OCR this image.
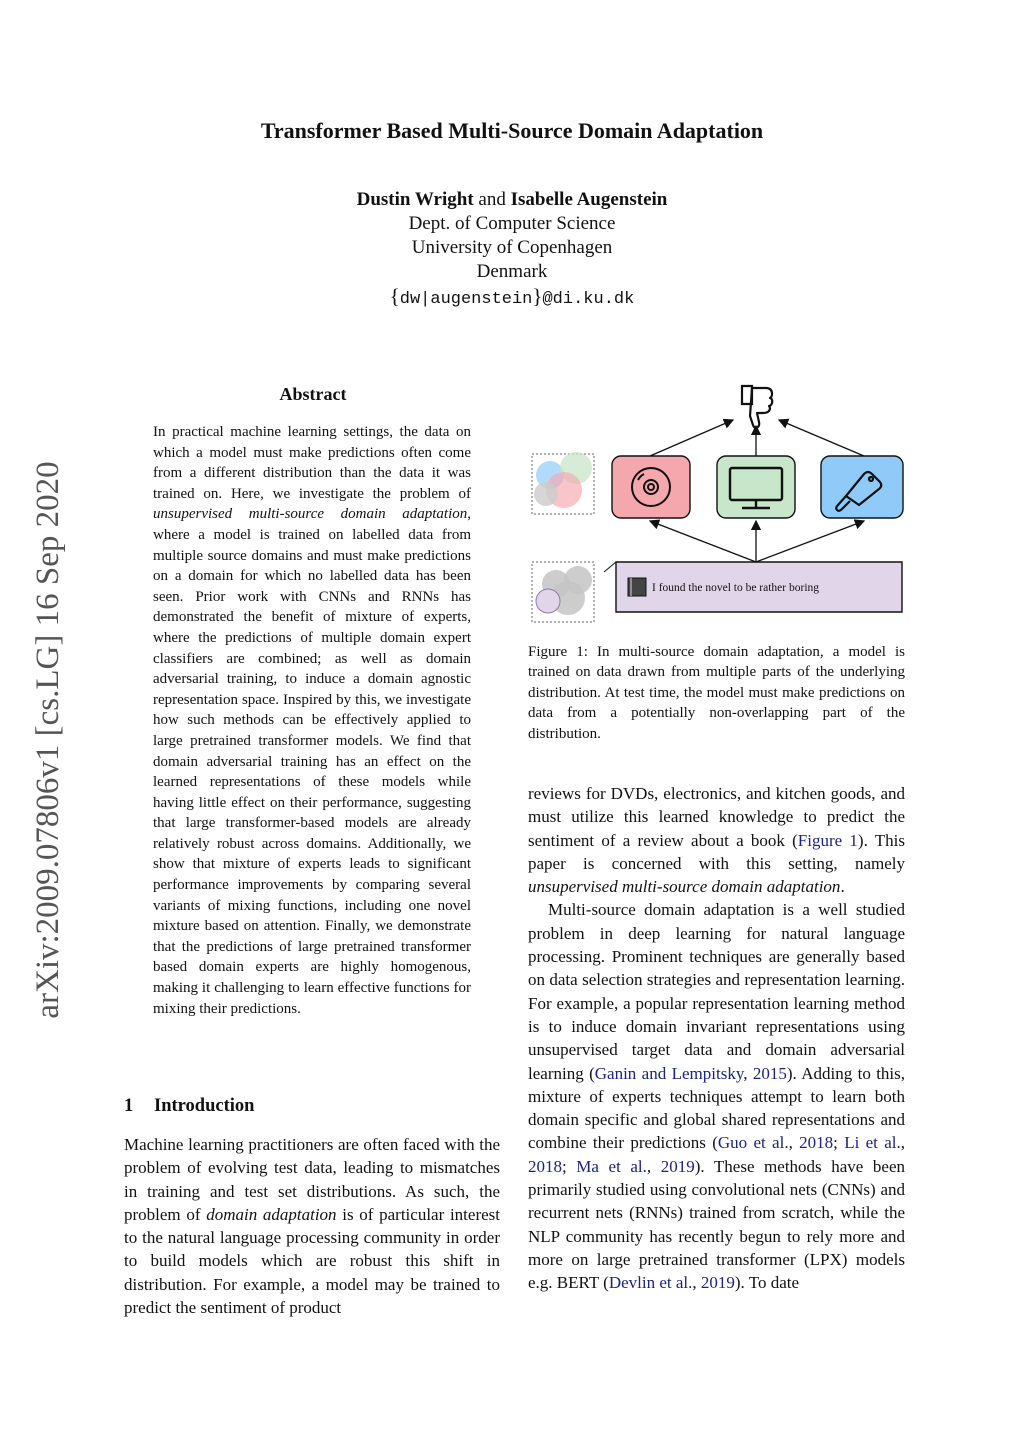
arXiv:2009.07806v1 [cs.LG] 16 Sep 2020
Transformer Based Multi-Source Domain Adaptation
Dustin Wright and Isabelle Augenstein
Dept. of Computer Science
University of Copenhagen
Denmark
{dw|augenstein}@di.ku.dk
Abstract
In practical machine learning settings, the data on which a model must make predictions often come from a different distribution than the data it was trained on. Here, we investigate the problem of unsupervised multi-source domain adaptation, where a model is trained on labelled data from multiple source domains and must make predictions on a domain for which no labelled data has been seen. Prior work with CNNs and RNNs has demonstrated the benefit of mixture of experts, where the predictions of multiple domain expert classifiers are combined; as well as domain adversarial training, to induce a domain agnostic representation space. Inspired by this, we investigate how such methods can be effectively applied to large pretrained transformer models. We find that domain adversarial training has an effect on the learned representations of these models while having little effect on their performance, suggesting that large transformer-based models are already relatively robust across domains. Additionally, we show that mixture of experts leads to significant performance improvements by comparing several variants of mixing functions, including one novel mixture based on attention. Finally, we demonstrate that the predictions of large pretrained transformer based domain experts are highly homogenous, making it challenging to learn effective functions for mixing their predictions.
1 Introduction
Machine learning practitioners are often faced with the problem of evolving test data, leading to mismatches in training and test set distributions. As such, the problem of domain adaptation is of particular interest to the natural language processing community in order to build models which are robust this shift in distribution. For example, a model may be trained to predict the sentiment of product
I found the novel to be rather boring
Figure 1: In multi-source domain adaptation, a model is trained on data drawn from multiple parts of the underlying distribution. At test time, the model must make predictions on data from a potentially non-overlapping part of the distribution.

reviews for DVDs, electronics, and kitchen goods, and must utilize this learned knowledge to predict the sentiment of a review about a book (Figure 1). This paper is concerned with this setting, namely unsupervised multi-source domain adaptation.

Multi-source domain adaptation is a well studied problem in deep learning for natural language processing. Prominent techniques are generally based on data selection strategies and representation learning. For example, a popular representation learning method is to induce domain invariant representations using unsupervised target data and domain adversarial learning (Ganin and Lempitsky, 2015). Adding to this, mixture of experts techniques attempt to learn both domain specific and global shared representations and combine their predictions (Guo et al., 2018; Li et al., 2018; Ma et al., 2019). These methods have been primarily studied using convolutional nets (CNNs) and recurrent nets (RNNs) trained from scratch, while the NLP community has recently begun to rely more and more on large pretrained transformer (LPX) models e.g. BERT (Devlin et al., 2019). To date
